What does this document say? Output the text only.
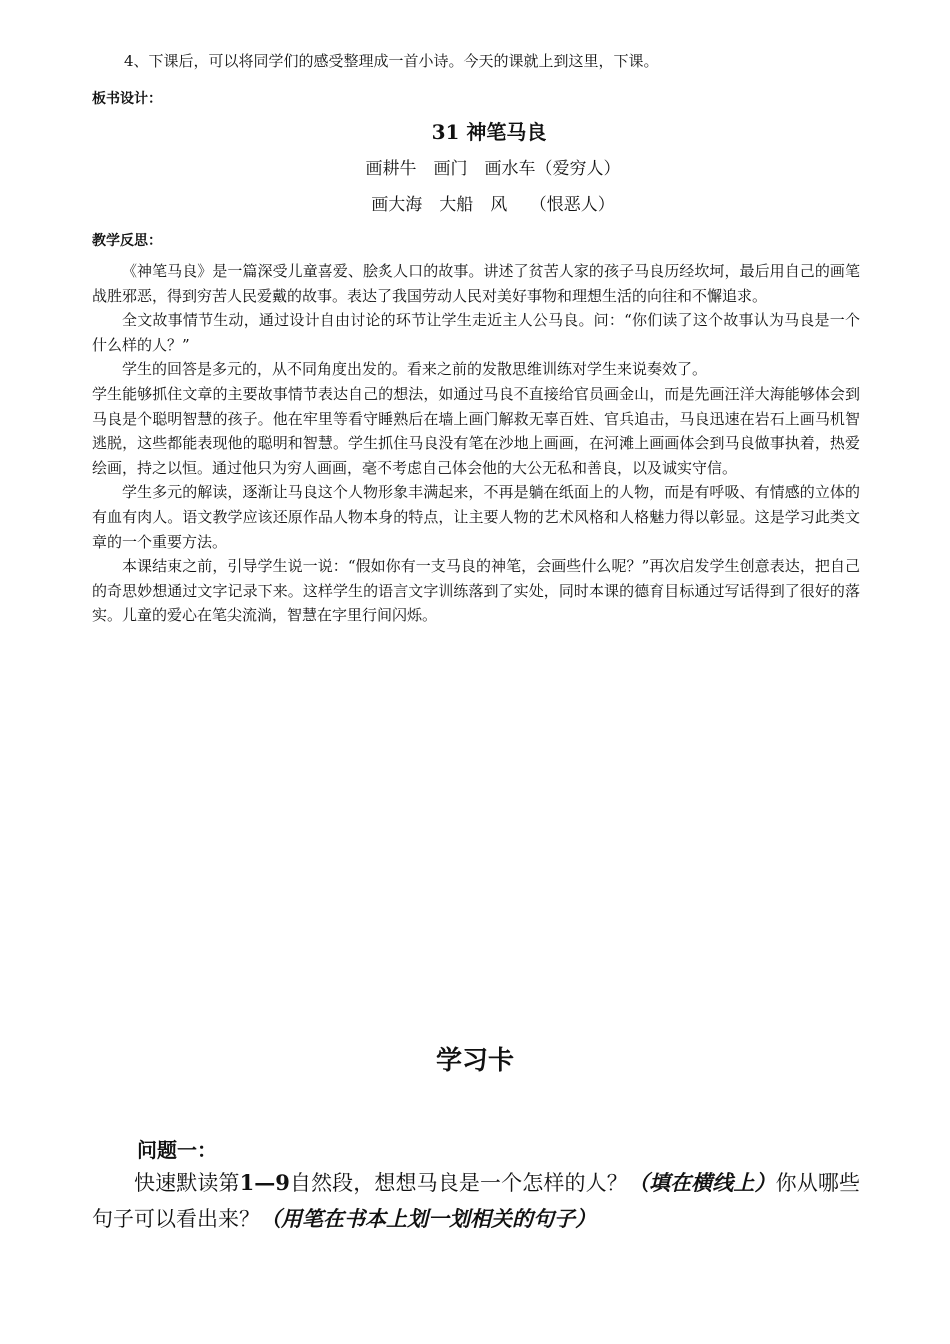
4、下课后，可以将同学们的感受整理成一首小诗。今天的课就上到这里，下课。
板书设计：
31 神笔马良
画耕牛　画门　画水车（爱穷人）
画大海　大船　风　 （恨恶人）
教学反思：

《神笔马良》是一篇深受儿童喜爱、脍炙人口的故事。讲述了贫苦人家的孩子马良历经坎坷，最后用自己的画笔战胜邪恶，得到穷苦人民爱戴的故事。表达了我国劳动人民对美好事物和理想生活的向往和不懈追求。

全文故事情节生动，通过设计自由讨论的环节让学生走近主人公马良。问：“你们读了这个故事认为马良是一个什么样的人？”

学生的回答是多元的，从不同角度出发的。看来之前的发散思维训练对学生来说奏效了。

学生能够抓住文章的主要故事情节表达自己的想法，如通过马良不直接给官员画金山，而是先画汪洋大海能够体会到马良是个聪明智慧的孩子。他在牢里等看守睡熟后在墙上画门解救无辜百姓、官兵追击，马良迅速在岩石上画马机智逃脱，这些都能表现他的聪明和智慧。学生抓住马良没有笔在沙地上画画，在河滩上画画体会到马良做事执着，热爱绘画，持之以恒。通过他只为穷人画画，毫不考虑自己体会他的大公无私和善良，以及诚实守信。

学生多元的解读，逐渐让马良这个人物形象丰满起来，不再是躺在纸面上的人物，而是有呼吸、有情感的立体的有血有肉人。语文教学应该还原作品人物本身的特点，让主要人物的艺术风格和人格魅力得以彰显。这是学习此类文章的一个重要方法。

本课结束之前，引导学生说一说：“假如你有一支马良的神笔，会画些什么呢？”再次启发学生创意表达，把自己的奇思妙想通过文字记录下来。这样学生的语言文字训练落到了实处，同时本课的德育目标通过写话得到了很好的落实。儿童的爱心在笔尖流淌，智慧在字里行间闪烁。

学习卡
问题一：
快速默读第1—9自然段，想想马良是一个怎样的人？（填在横线上）你从哪些句子可以看出来？（用笔在书本上划一划相关的句子）
